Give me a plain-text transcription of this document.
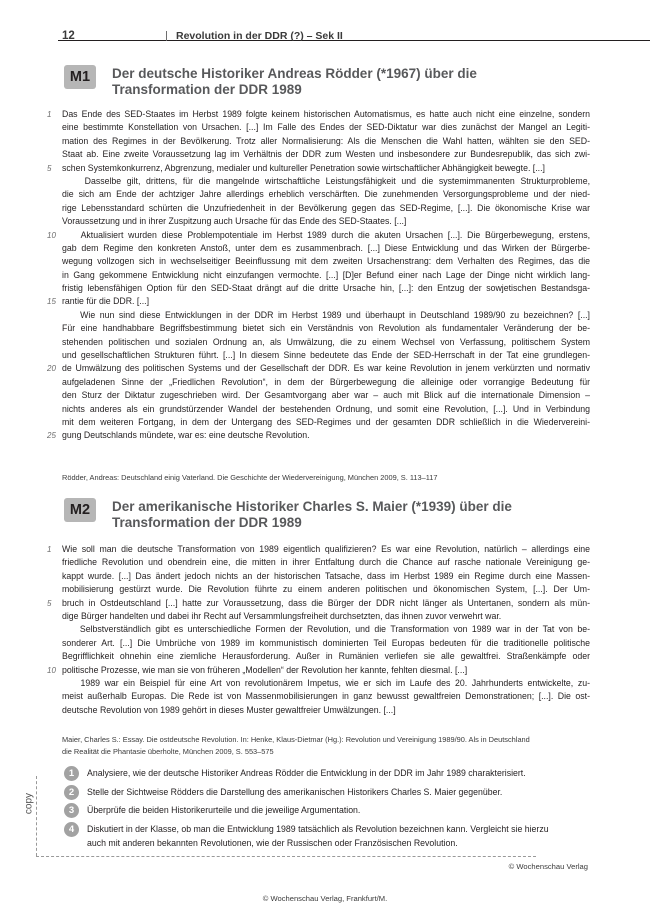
12	Revolution in der DDR (?) – Sek II
M1	Der deutsche Historiker Andreas Rödder (*1967) über die
Transformation der DDR 1989
1 Das Ende des SED-Staates im Herbst 1989 folgte keinem historischen Automatismus, es hatte auch nicht eine einzelne, sondern
eine bestimmte Konstellation von Ursachen. [...] Im Falle des Endes der SED-Diktatur war dies zunächst der Mangel an Legiti-
mation des Regimes in der Bevölkerung. Trotz aller Normalisierung: Als die Menschen die Wahl hatten, wählten sie den SED-
Staat ab. Eine zweite Voraussetzung lag im Verhältnis der DDR zum Westen und insbesondere zur Bundesrepublik, das sich zwi-
5 schen Systemkonkurrenz, Abgrenzung, medialer und kultureller Penetration sowie wirtschaftlicher Abhängigkeit bewegte. [...]
Dasselbe gilt, drittens, für die mangelnde wirtschaftliche Leistungsfähigkeit und die systemimmanenten Strukturprobleme,
die sich am Ende der achtziger Jahre allerdings erheblich verschärften. Die zunehmenden Versorgungsprobleme und der nied-
rige Lebensstandard schürten die Unzufriedenheit in der Bevölkerung gegen das SED-Regime, [...]. Die ökonomische Krise war
Voraussetzung und in ihrer Zuspitzung auch Ursache für das Ende des SED-Staates. [...]
10 Aktualisiert wurden diese Problempotentiale im Herbst 1989 durch die akuten Ursachen [...]. Die Bürgerbewegung, erstens,
gab dem Regime den konkreten Anstoß, unter dem es zusammenbrach. [...] Diese Entwicklung und das Wirken der Bürgerbe-
wegung vollzogen sich in wechselseitiger Beeinflussung mit dem zweiten Ursachenstrang: dem Verhalten des Regimes, das die
in Gang gekommene Entwicklung nicht einzufangen vermochte. [...] [D]er Befund einer nach Lage der Dinge nicht wirklich lang-
fristig lebensfähigen Option für den SED-Staat drängt auf die dritte Ursache hin, [...]: den Entzug der sowjetischen Bestandsga-
15 rantie für die DDR. [...]
Wie nun sind diese Entwicklungen in der DDR im Herbst 1989 und überhaupt in Deutschland 1989/90 zu bezeichnen? [...]
Für eine handhabbare Begriffsbestimmung bietet sich ein Verständnis von Revolution als fundamentaler Veränderung der be-
stehenden politischen und sozialen Ordnung an, als Umwälzung, die zu einem Wechsel von Verfassung, politischem System
und gesellschaftlichen Strukturen führt. [...] In diesem Sinne bedeutete das Ende der SED-Herrschaft in der Tat eine grundlegen-
20 de Umwälzung des politischen Systems und der Gesellschaft der DDR. Es war keine Revolution in jenem verkürzten und normativ
aufgeladenen Sinne der „Friedlichen Revolution“, in dem der Bürgerbewegung die alleinige oder vorrangige Bedeutung für
den Sturz der Diktatur zugeschrieben wird. Der Gesamtvorgang aber war – auch mit Blick auf die internationale Dimension –
nichts anderes als ein grundstürzender Wandel der bestehenden Ordnung, und somit eine Revolution, [...]. Und in Verbindung
mit dem weiteren Fortgang, in dem der Untergang des SED-Regimes und der gesamten DDR schließlich in die Wiedervereini-
25 gung Deutschlands mündete, war es: eine deutsche Revolution.
Rödder, Andreas: Deutschland einig Vaterland. Die Geschichte der Wiedervereinigung, München 2009, S. 113–117
M2	Der amerikanische Historiker Charles S. Maier (*1939) über die
Transformation der DDR 1989
1 Wie soll man die deutsche Transformation von 1989 eigentlich qualifizieren? Es war eine Revolution, natürlich – allerdings eine
friedliche Revolution und obendrein eine, die mitten in ihrer Entfaltung durch die Chance auf rasche nationale Vereinigung ge-
kappt wurde. [...] Das ändert jedoch nichts an der historischen Tatsache, dass im Herbst 1989 ein Regime durch eine Massen-
mobilisierung gestürzt wurde. Die Revolution führte zu einem anderen politischen und ökonomischen System, [...]. Der Um-
5 bruch in Ostdeutschland [...] hatte zur Voraussetzung, dass die Bürger der DDR nicht länger als Untertanen, sondern als mün-
dige Bürger handelten und dabei ihr Recht auf Versammlungsfreiheit durchsetzten, das ihnen zuvor verwehrt war.
Selbstverständlich gibt es unterschiedliche Formen der Revolution, und die Transformation von 1989 war in der Tat von be-
sonderer Art. [...] Die Umbrüche von 1989 im kommunistisch dominierten Teil Europas bedeuten für die traditionelle politische
Begrifflichkeit ohnehin eine ziemliche Herausforderung. Außer in Rumänien verliefen sie alle gewaltfrei. Straßenkämpfe oder
10 politische Prozesse, wie man sie von früheren „Modellen“ der Revolution her kannte, fehlten diesmal. [...]
1989 war ein Beispiel für eine Art von revolutionärem Impetus, wie er sich im Laufe des 20. Jahrhunderts entwickelte, zu-
meist außerhalb Europas. Die Rede ist von Massenmobilisierungen in ganz bewusst gewaltfreien Demonstrationen; [...]. Die ost-
deutsche Revolution von 1989 gehört in dieses Muster gewaltfreier Umwälzungen. [...]
Maier, Charles S.: Essay. Die ostdeutsche Revolution. In: Henke, Klaus-Dietmar (Hg.): Revolution und Vereinigung 1989/90. Als in Deutschland
die Realität die Phantasie überholte, München 2009, S. 553–575
1	Analysiere, wie der deutsche Historiker Andreas Rödder die Entwicklung in der DDR im Jahr 1989 charakterisiert.
2	Stelle der Sichtweise Rödders die Darstellung des amerikanischen Historikers Charles S. Maier gegenüber.
3	Überprüfe die beiden Historikerurteile und die jeweilige Argumentation.
4	Diskutiert in der Klasse, ob man die Entwicklung 1989 tatsächlich als Revolution bezeichnen kann. Vergleicht sie hierzu
auch mit anderen bekannten Revolutionen, wie der Russischen oder Französischen Revolution.
copy
© Wochenschau Verlag
© Wochenschau Verlag, Frankfurt/M.
